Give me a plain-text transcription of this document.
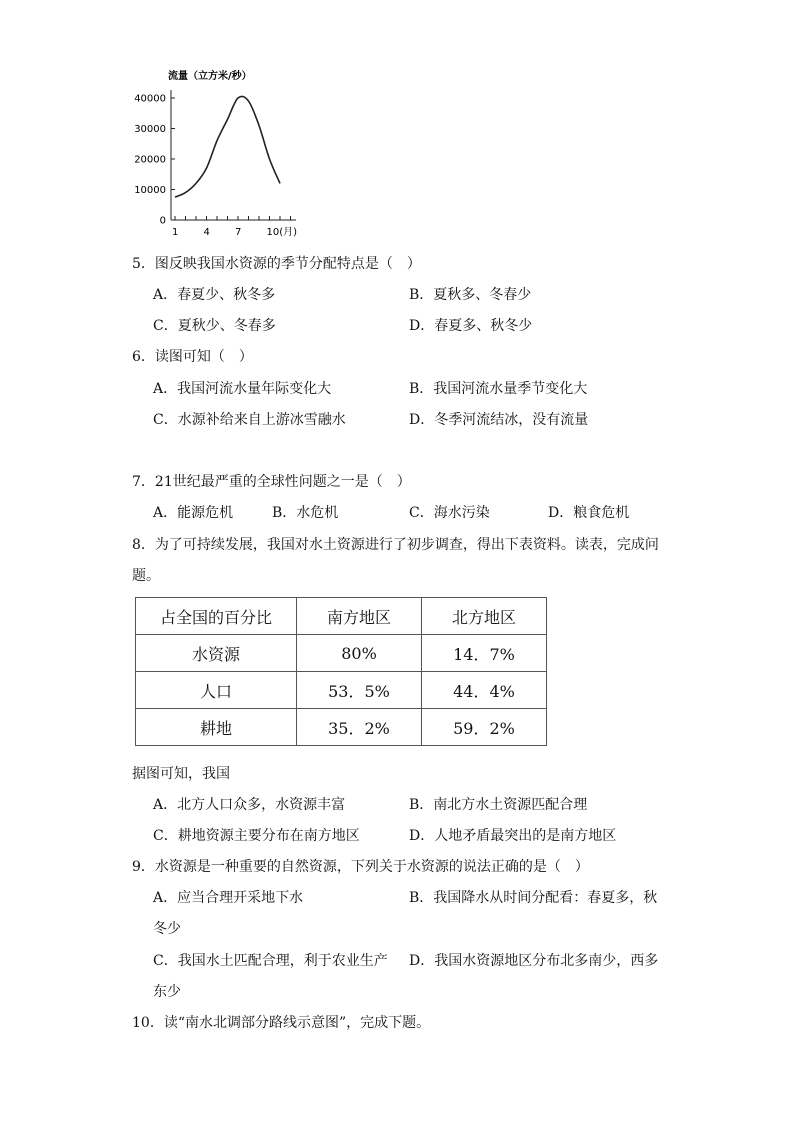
流量（立方米/秒）
0
10000
20000
30000
40000
1	4	7	10(月)
5．图反映我国水资源的季节分配特点是（　）
A．春夏少、秋冬多	B．夏秋多、冬春少
C．夏秋少、冬春多	D．春夏多、秋冬少
6．读图可知（　）
A．我国河流水量年际变化大	B．我国河流水量季节变化大
C．水源补给来自上游冰雪融水	D．冬季河流结冰，没有流量
7．21世纪最严重的全球性问题之一是（　）
A．能源危机	B．水危机	C．海水污染	D．粮食危机
8．为了可持续发展，我国对水土资源进行了初步调查，得出下表资料。读表，完成问
题。
占全国的百分比	南方地区	北方地区
水资源	80%	14．7%
人口	53．5%	44．4%
耕地	35．2%	59．2%
据图可知，我国
A．北方人口众多，水资源丰富	B．南北方水土资源匹配合理
C．耕地资源主要分布在南方地区	D．人地矛盾最突出的是南方地区
9．水资源是一种重要的自然资源，下列关于水资源的说法正确的是（　）
A．应当合理开采地下水	B．我国降水从时间分配看：春夏多，秋
冬少
C．我国水土匹配合理，利于农业生产 D．我国水资源地区分布北多南少，西多
东少
10．读“南水北调部分路线示意图”，完成下题。
